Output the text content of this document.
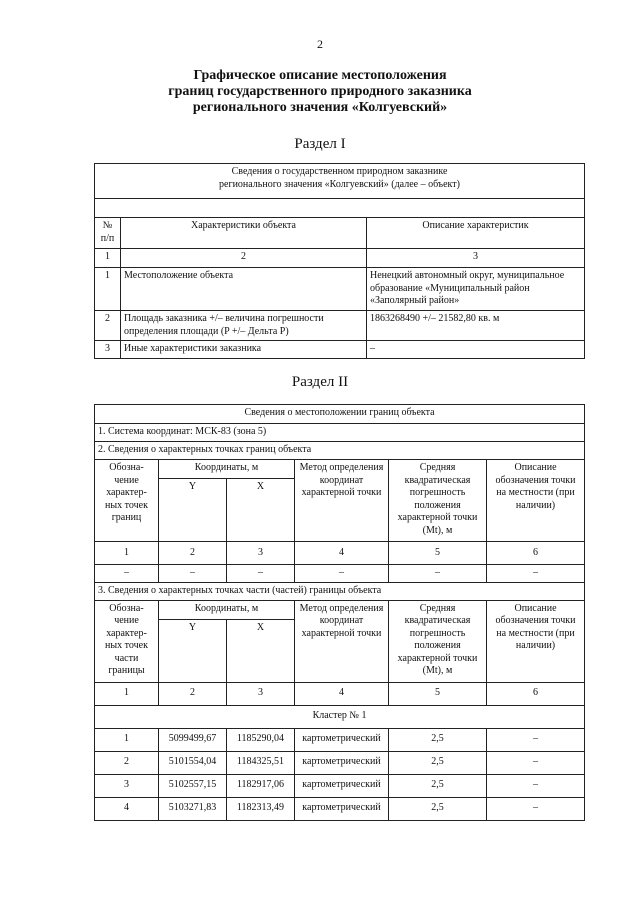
2
Графическое описание местоположения
границ государственного природного заказника
регионального значения «Колгуевский»
Раздел I
Сведения о государственном природном заказнике
регионального значения «Колгуевский» (далее – объект)		

№ п/п	Характеристики объекта	Описание характеристик
1	2	3
1	Местоположение объекта	Ненецкий автономный округ, муниципальное образование «Муниципальный район «Заполярный район»
2	Площадь заказника +/– величина погрешности определения площади (P +/– Дельта P)	1863268490 +/– 21582,80 кв. м
3	Иные характеристики заказника	–
Раздел II
Сведения о местоположении границ объекта					
1. Система координат: МСК-83 (зона 5)					
2. Сведения о характерных точках границ объекта					
Обозна-чение характер-ных точек границ	Координаты, м		Метод определения координат характерной точки	Средняя квадратическая погрешность положения характерной точки (Mt), м	Описание обозначения точки на местности (при наличии)
	Y	X			
1	2	3	4	5	6
–	–	–	–	–	–
3. Сведения о характерных точках части (частей) границы объекта					
Обозна-чение характер-ных точек части границы	Координаты, м		Метод определения координат характерной точки	Средняя квадратическая погрешность положения характерной точки (Mt), м	Описание обозначения точки на местности (при наличии)
	Y	X			
1	2	3	4	5	6
Кластер № 1					
1	5099499,67	1185290,04	картометрический	2,5	–
2	5101554,04	1184325,51	картометрический	2,5	–
3	5102557,15	1182917,06	картометрический	2,5	–
4	5103271,83	1182313,49	картометрический	2,5	–
